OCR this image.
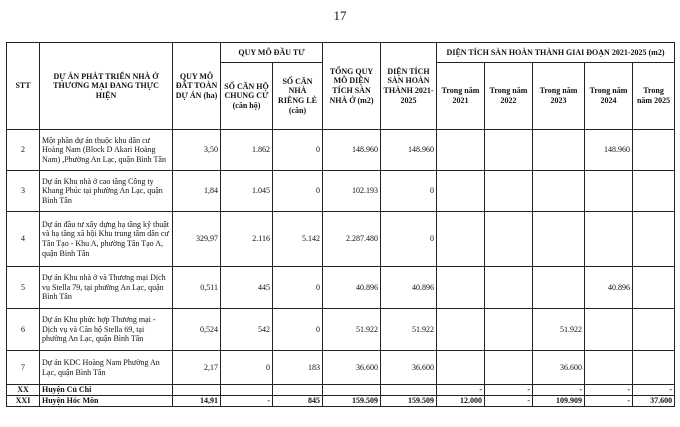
17
STT	DỰ ÁN PHÁT TRIỂN NHÀ Ở THƯƠNG MẠI ĐANG THỰC HIỆN	QUY MÔ ĐẤT TOÀN DỰ ÁN (ha)	QUY MÔ ĐẦU TƯ		TỔNG QUY MÔ DIỆN TÍCH SÀN NHÀ Ở (m2)	DIỆN TÍCH SÀN HOÀN THÀNH 2021-2025	DIỆN TÍCH SÀN HOÀN THÀNH GIAI ĐOẠN 2021-2025 (m2)				
			SỐ CĂN HỘ CHUNG CƯ (căn hộ)	SỐ CĂN NHÀ RIÊNG LẺ (căn)			Trong năm 2021	Trong năm 2022	Trong năm 2023	Trong năm 2024	Trong năm 2025
2	Một phần dự án thuộc khu dân cư Hoàng Nam (Block D Akari Hoàng Nam) ,Phường An Lạc, quận Bình Tân	3,50	1.862	0	148.960	148.960				148.960	
3	Dự án Khu nhà ở cao tầng Công ty Khang Phúc tại phường An Lạc, quận Bình Tân	1,84	1.045	0	102.193	0					
4	Dự án đầu tư xây dựng hạ tầng kỹ thuật và hạ tầng xã hội Khu trung tâm dân cư Tân Tạo - Khu A, phường Tân Tạo A, quận Bình Tân	329,97	2.116	5.142	2.287.480	0					
5	Dự án Khu nhà ở và Thương mại Dịch vụ Stella 79, tại phường An Lạc, quận Bình Tân	0,511	445	0	40.896	40.896				40.896	
6	Dự án Khu phức hợp Thương mại - Dịch vụ và Căn hộ Stella 69, tại phường An Lạc, quận Bình Tân	0,524	542	0	51.922	51.922			51.922		
7	Dự án KDC Hoàng Nam Phường An Lạc, quận Bình Tân	2,17	0	183	36.600	36.600			36.600		
XX	Huyện Củ Chi						-	-	-	-	-
XXI	Huyện Hóc Môn	14,91	-	845	159.509	159.509	12.000	-	109.909	-	37.600
